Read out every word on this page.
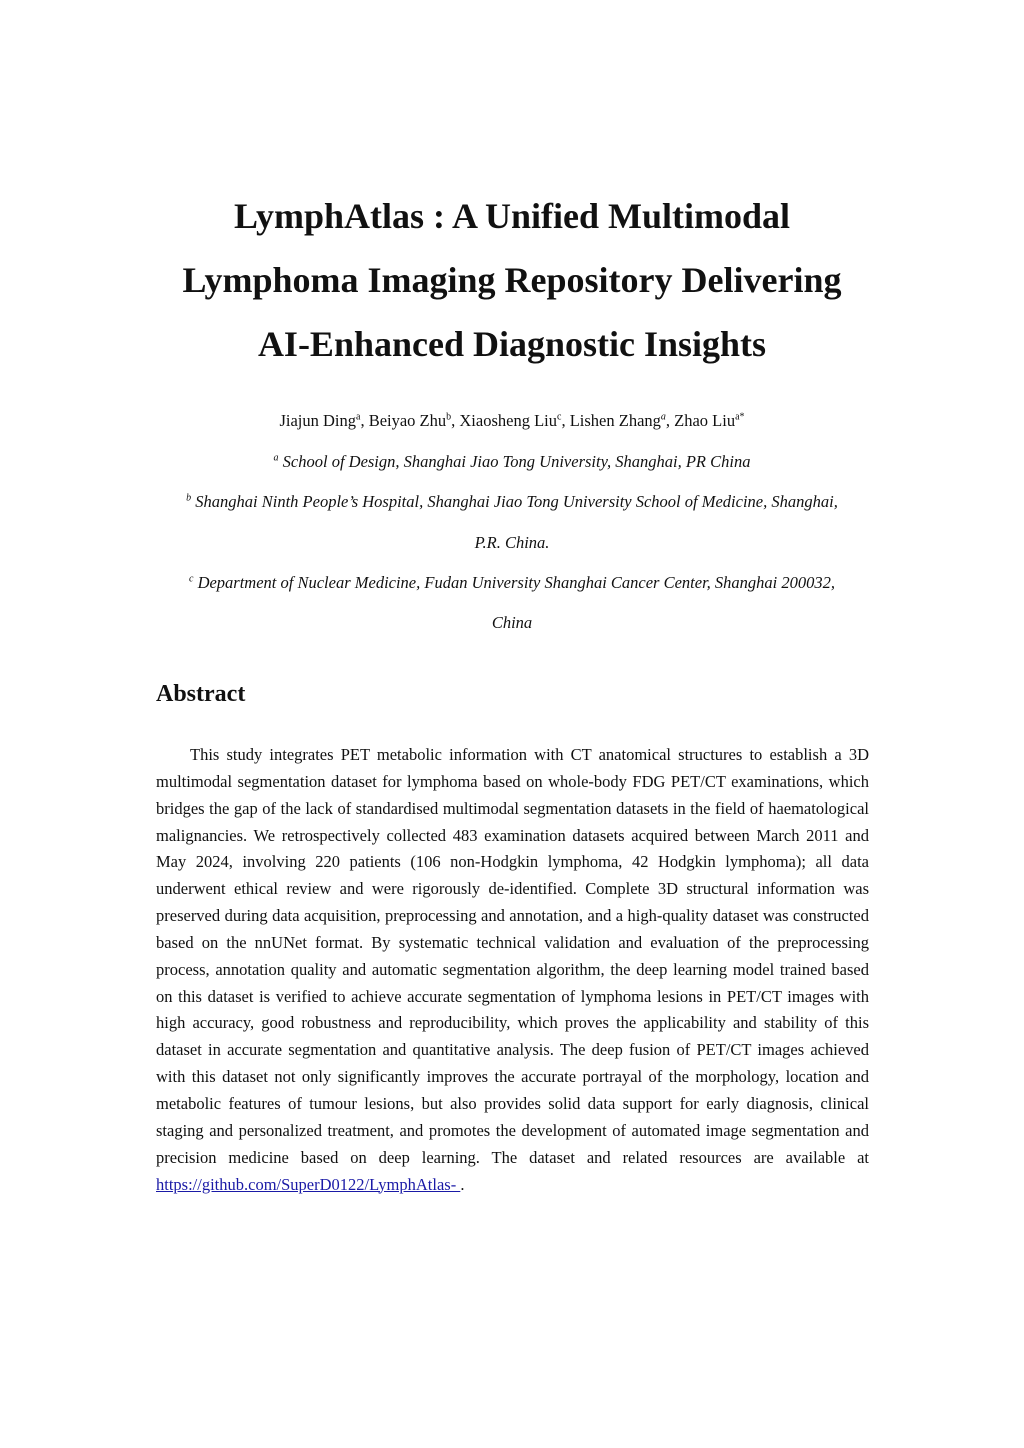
LymphAtlas : A Unified Multimodal
Lymphoma Imaging Repository Delivering
AI-Enhanced Diagnostic Insights
Jiajun Ding$^a$, Beiyao Zhu$^b$, Xiaosheng Liu$^c$, Lishen Zhang$^a$, Zhao Liu$^{a*}$
$^a$ School of Design, Shanghai Jiao Tong University, Shanghai, PR China
$^b$ Shanghai Ninth People’s Hospital, Shanghai Jiao Tong University School of Medicine, Shanghai,
P.R. China.
$^c$ Department of Nuclear Medicine, Fudan University Shanghai Cancer Center, Shanghai 200032,
China
Abstract

This study integrates PET metabolic information with CT anatomical structures to establish a 3D multimodal segmentation dataset for lymphoma based on whole-body FDG PET/CT examinations, which bridges the gap of the lack of standardised multimodal segmentation datasets in the field of haematological malignancies. We retrospectively collected 483 examination datasets acquired between March 2011 and May 2024, involving 220 patients (106 non-Hodgkin lymphoma, 42 Hodgkin lymphoma); all data underwent ethical review and were rigorously de-identified. Complete 3D structural information was preserved during data acquisition, preprocessing and annotation, and a high-quality dataset was constructed based on the nnUNet format. By systematic technical validation and evaluation of the preprocessing process, annotation quality and automatic segmentation algorithm, the deep learning model trained based on this dataset is verified to achieve accurate segmentation of lymphoma lesions in PET/CT images with high accuracy, good robustness and reproducibility, which proves the applicability and stability of this dataset in accurate segmentation and quantitative analysis. The deep fusion of PET/CT images achieved with this dataset not only significantly improves the accurate portrayal of the morphology, location and metabolic features of tumour lesions, but also provides solid data support for early diagnosis, clinical staging and personalized treatment, and promotes the development of automated image segmentation and precision medicine based on deep learning. The dataset and related resources are available at https://github.com/SuperD0122/LymphAtlas- .
